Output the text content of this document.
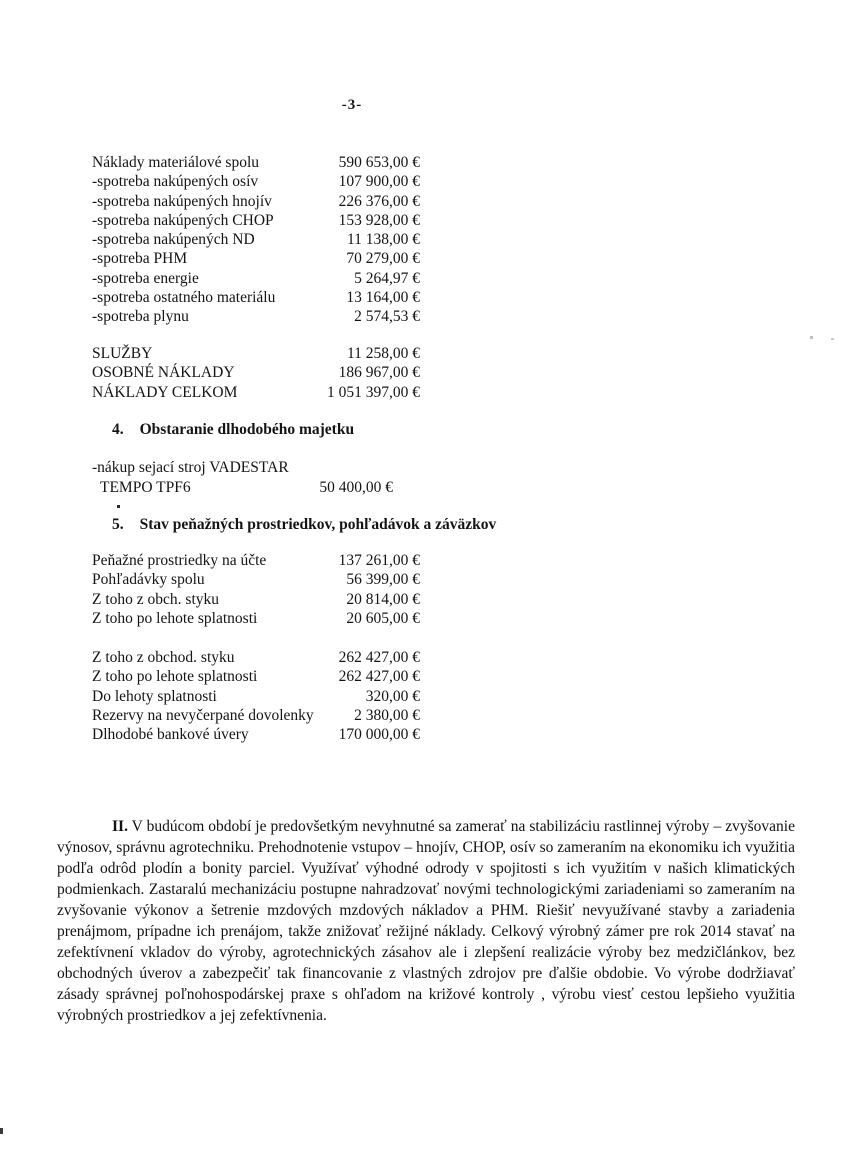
-3-
Náklady materiálové spolu	590 653,00 €
-spotreba nakúpených osív	107 900,00 €
-spotreba nakúpených hnojív	226 376,00 €
-spotreba nakúpených CHOP	153 928,00 €
-spotreba nakúpených ND	11 138,00 €
-spotreba PHM	70 279,00 €
-spotreba energie	5 264,97 €
-spotreba ostatného materiálu	13 164,00 €
-spotreba plynu	2 574,53 €
SLUŽBY	11 258,00 €
OSOBNÉ NÁKLADY	186 967,00 €
NÁKLADY CELKOM	1 051 397,00 €
4. Obstaranie dlhodobého majetku
-nákup sejací stroj VADESTAR
TEMPO TPF6	50 400,00 €
5. Stav peňažných prostriedkov, pohľadávok a záväzkov
Peňažné prostriedky na účte	137 261,00 €
Pohľadávky spolu	56 399,00 €
Z toho z obch. styku	20 814,00 €
Z toho po lehote splatnosti	20 605,00 €
Z toho z obchod. styku	262 427,00 €
Z toho po lehote splatnosti	262 427,00 €
Do lehoty splatnosti	320,00 €
Rezervy na nevyčerpané dovolenky	2 380,00 €
Dlhodobé bankové úvery	170 000,00 €

II. V budúcom období je predovšetkým nevyhnutné sa zamerať na stabilizáciu rastlinnej výroby – zvyšovanie výnosov, správnu agrotechniku. Prehodnotenie vstupov – hnojív, CHOP, osív so zameraním na ekonomiku ich využitia podľa odrôd plodín a bonity parciel. Využívať výhodné odrody v spojitosti s ich využitím v našich klimatických podmienkach. Zastaralú mechanizáciu postupne nahradzovať novými technologickými zariadeniami so zameraním na zvyšovanie výkonov a šetrenie mzdových mzdových nákladov a PHM. Riešiť nevyužívané stavby a zariadenia prenájmom, prípadne ich prenájom, takže znižovať režijné náklady. Celkový výrobný zámer pre rok 2014 stavať na zefektívnení vkladov do výroby, agrotechnických zásahov ale i zlepšení realizácie výroby bez medzičlánkov, bez obchodných úverov a zabezpečiť tak financovanie z vlastných zdrojov pre ďalšie obdobie. Vo výrobe dodržiavať zásady správnej poľnohospodárskej praxe s ohľadom na križové kontroly , výrobu viesť cestou lepšieho využitia výrobných prostriedkov a jej zefektívnenia.
